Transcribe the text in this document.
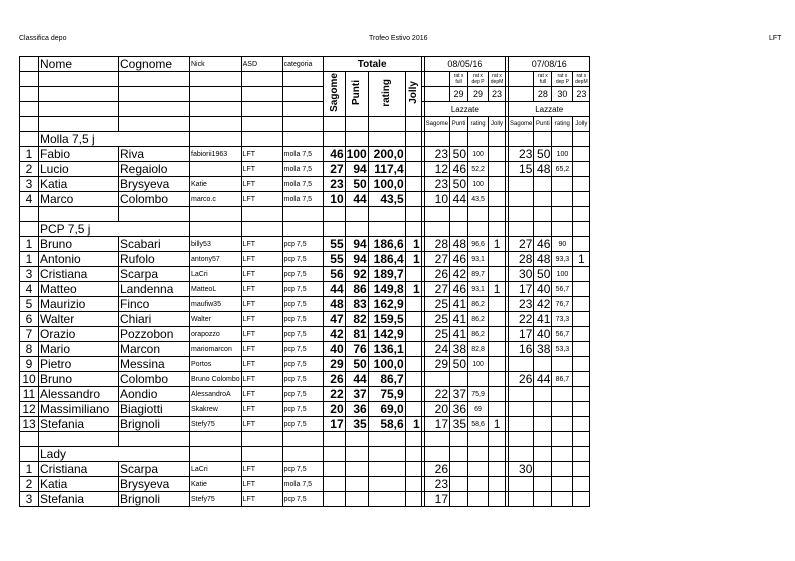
Classifica depo	Trofeo Estivo 2016	LFT
	Nome	Cognome	Nick	ASD	categoria	Totale					08/05/16					07/08/16			
						Sagome	Punti	rating	Jolly			rat x full	rat x dep P	rat x depM			rat x full	rat x dep P	rat x depM
												29	29	23			28	30	23
											Lazzate					Lazzate			
											Sagome	Punti	rating	Jolly		Sagome	Punti	rating	Jolly
	Molla 7,5 j																		
1	Fabio	Riva	fabiorii1963	LFT	molla 7,5	46	100	200,0			23	50	100			23	50	100	
2	Lucio	Regaiolo		LFT	molla 7,5	27	94	117,4			12	46	52,2			15	48	65,2	
3	Katia	Brysyeva	Katie	LFT	molla 7,5	23	50	100,0			23	50	100						
4	Marco	Colombo	marco.c	LFT	molla 7,5	10	44	43,5			10	44	43,5						

	PCP 7,5 j																		
1	Bruno	Scabari	billy53	LFT	pcp 7,5	55	94	186,6	1		28	48	96,6	1		27	46	90	
1	Antonio	Rufolo	antony57	LFT	pcp 7,5	55	94	186,4	1		27	46	93,1			28	48	93,3	1
3	Cristiana	Scarpa	LaCri	LFT	pcp 7,5	56	92	189,7			26	42	89,7			30	50	100	
4	Matteo	Landenna	MatteoL	LFT	pcp 7,5	44	86	149,8	1		27	46	93,1	1		17	40	56,7	
5	Maurizio	Finco	maufiw35	LFT	pcp 7,5	48	83	162,9			25	41	86,2			23	42	76,7	
6	Walter	Chiari	Walter	LFT	pcp 7,5	47	82	159,5			25	41	86,2			22	41	73,3	
7	Orazio	Pozzobon	orapozzo	LFT	pcp 7,5	42	81	142,9			25	41	86,2			17	40	56,7	
8	Mario	Marcon	mariomarcon	LFT	pcp 7,5	40	76	136,1			24	38	82,8			16	38	53,3	
9	Pietro	Messina	Portos	LFT	pcp 7,5	29	50	100,0			29	50	100						
10	Bruno	Colombo	Bruno Colombo	LFT	pcp 7,5	26	44	86,7								26	44	86,7	
11	Alessandro	Aondio	AlessandroA	LFT	pcp 7,5	22	37	75,9			22	37	75,9						
12	Massimiliano	Biagiotti	Skakrew	LFT	pcp 7,5	20	36	69,0			20	36	69						
13	Stefania	Brignoli	Stefy75	LFT	pcp 7,5	17	35	58,6	1		17	35	58,6	1					

	Lady																		
1	Cristiana	Scarpa	LaCri	LFT	pcp 7,5						26					30			
2	Katia	Brysyeva	Katie	LFT	molla 7,5						23								
3	Stefania	Brignoli	Stefy75	LFT	pcp 7,5						17								
